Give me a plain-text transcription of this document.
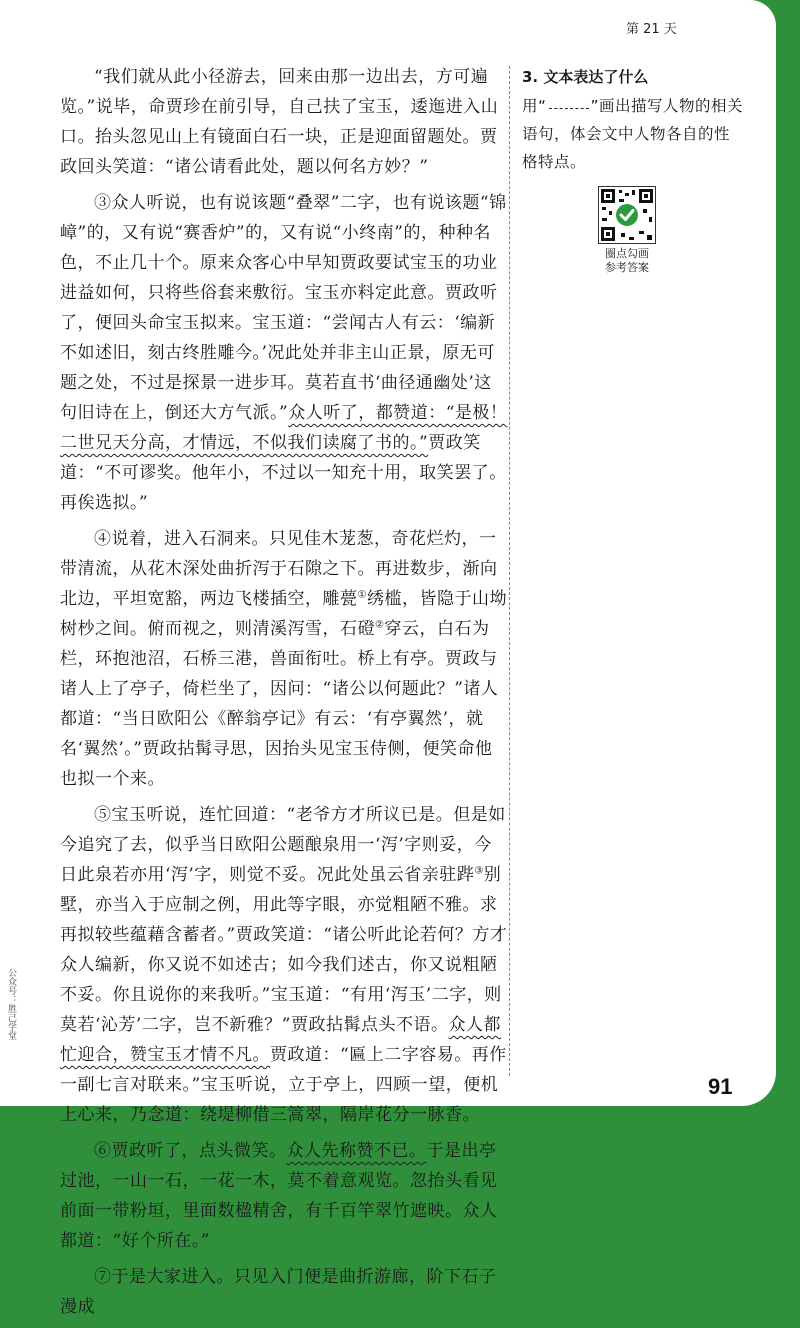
第 21 天

“我们就从此小径游去，回来由那一边出去，方可遍览。”说毕，命贾珍在前引导，自己扶了宝玉，逶迤进入山口。抬头忽见山上有镜面白石一块，正是迎面留题处。贾政回头笑道：“诸公请看此处，题以何名方妙？”

③众人听说，也有说该题“叠翠”二字，也有说该题“锦嶂”的，又有说“赛香炉”的，又有说“小终南”的，种种名色，不止几十个。原来众客心中早知贾政要试宝玉的功业进益如何，只将些俗套来敷衍。宝玉亦料定此意。贾政听了，便回头命宝玉拟来。宝玉道：“尝闻古人有云：‘编新不如述旧，刻古终胜雕今。’况此处并非主山正景，原无可题之处，不过是探景一进步耳。莫若直书‘曲径通幽处’这句旧诗在上，倒还大方气派。”众人听了，都赞道：“是极！二世兄天分高，才情远，不似我们读腐了书的。”贾政笑道：“不可谬奖。他年小，不过以一知充十用，取笑罢了。再俟选拟。”

④说着，进入石洞来。只见佳木茏葱，奇花烂灼，一带清流，从花木深处曲折泻于石隙之下。再进数步，渐向北边，平坦宽豁，两边飞楼插空，雕甍①绣槛，皆隐于山坳树杪之间。俯而视之，则清溪泻雪，石磴②穿云，白石为栏，环抱池沼，石桥三港，兽面衔吐。桥上有亭。贾政与诸人上了亭子，倚栏坐了，因问：“诸公以何题此？”诸人都道：“当日欧阳公《醉翁亭记》有云：‘有亭翼然’，就名‘翼然’。”贾政拈髯寻思，因抬头见宝玉侍侧，便笑命他也拟一个来。

⑤宝玉听说，连忙回道：“老爷方才所议已是。但是如今追究了去，似乎当日欧阳公题酿泉用一‘泻’字则妥，今日此泉若亦用‘泻’字，则觉不妥。况此处虽云省亲驻跸③别墅，亦当入于应制之例，用此等字眼，亦觉粗陋不雅。求再拟较些蕴藉含蓄者。”贾政笑道：“诸公听此论若何？方才众人编新，你又说不如述古；如今我们述古，你又说粗陋不妥。你且说你的来我听。”宝玉道：“有用‘泻玉’二字，则莫若‘沁芳’二字，岂不新雅？”贾政拈髯点头不语。众人都忙迎合，赞宝玉才情不凡。贾政道：“匾上二字容易。再作一副七言对联来。”宝玉听说，立于亭上，四顾一望，便机上心来，乃念道：绕堤柳借三篙翠，隔岸花分一脉香。

⑥贾政听了，点头微笑。众人先称赞不已。于是出亭过池，一山一石，一花一木，莫不着意观览。忽抬头看见前面一带粉垣，里面数楹精舍，有千百竿翠竹遮映。众人都道：“好个所在。”

⑦于是大家进入。只见入门便是曲折游廊，阶下石子漫成

3. 文本表达了什么
用“	”画出描写人物的相关语句，体会文中人物各自的性格特点。
圈点勾画
参考答案
公众号：胜己学堂
91
